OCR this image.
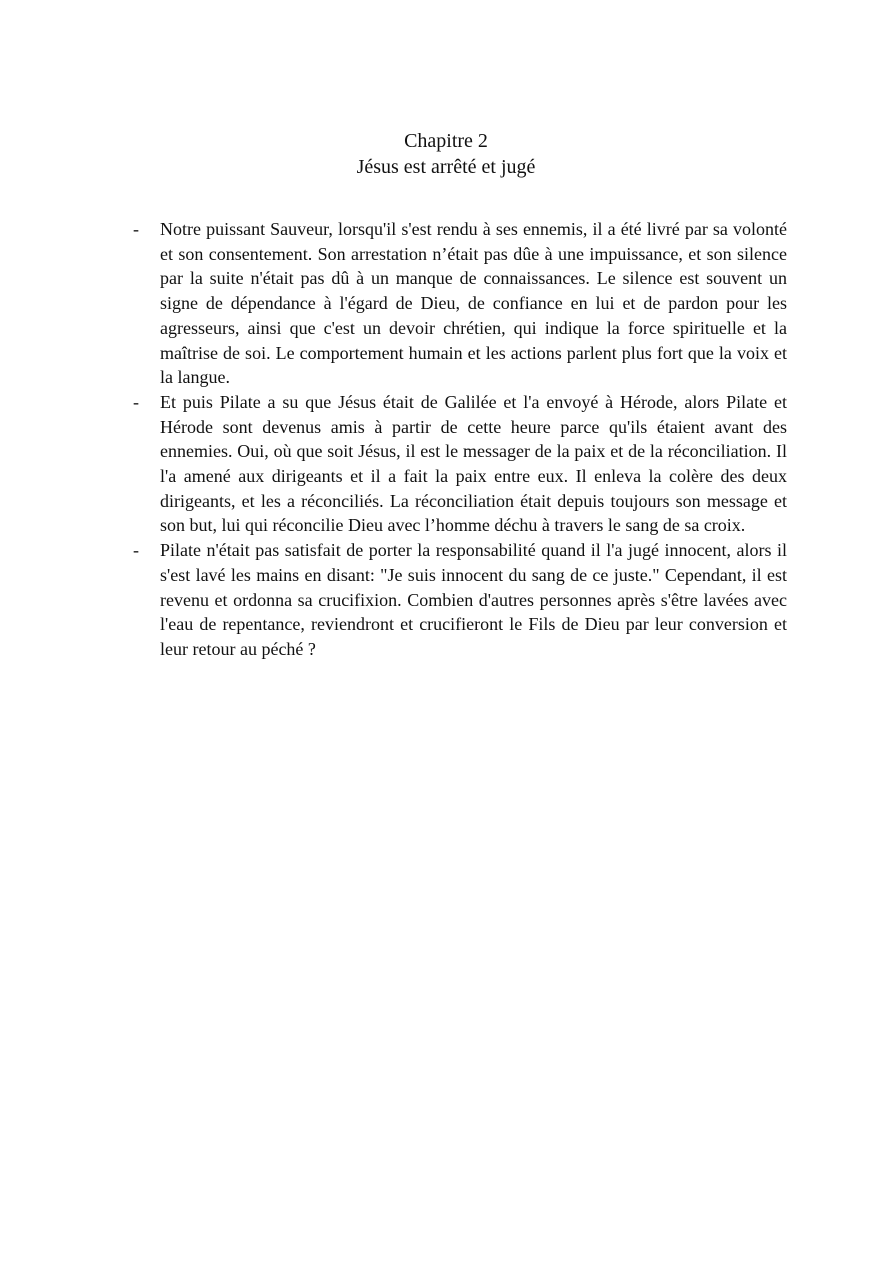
Chapitre 2
Jésus est arrêté et jugé
-	Notre puissant Sauveur, lorsqu'il s'est rendu à ses ennemis, il a été livré par sa volonté et son consentement. Son arrestation n’était pas dûe à une impuissance, et son silence par la suite n'était pas dû à un manque de connaissances. Le silence est souvent un signe de dépendance à l'égard de Dieu, de confiance en lui et de pardon pour les agresseurs, ainsi que c'est un devoir chrétien, qui indique la force spirituelle et la maîtrise de soi. Le comportement humain et les actions parlent plus fort que la voix et la langue.
-	Et puis Pilate a su que Jésus était de Galilée et l'a envoyé à Hérode, alors Pilate et Hérode sont devenus amis à partir de cette heure parce qu'ils étaient avant des ennemies. Oui, où que soit Jésus, il est le messager de la paix et de la réconciliation. Il l'a amené aux dirigeants et il a fait la paix entre eux. Il enleva la colère des deux dirigeants, et les a réconciliés. La réconciliation était depuis toujours son message et son but, lui qui réconcilie Dieu avec l’homme déchu à travers le sang de sa croix.
-	Pilate n'était pas satisfait de porter la responsabilité quand il l'a jugé innocent, alors il s'est lavé les mains en disant: "Je suis innocent du sang de ce juste." Cependant, il est revenu et ordonna sa crucifixion. Combien d'autres personnes après s'être lavées avec l'eau de repentance, reviendront et crucifieront le Fils de Dieu par leur conversion et leur retour au péché ?
